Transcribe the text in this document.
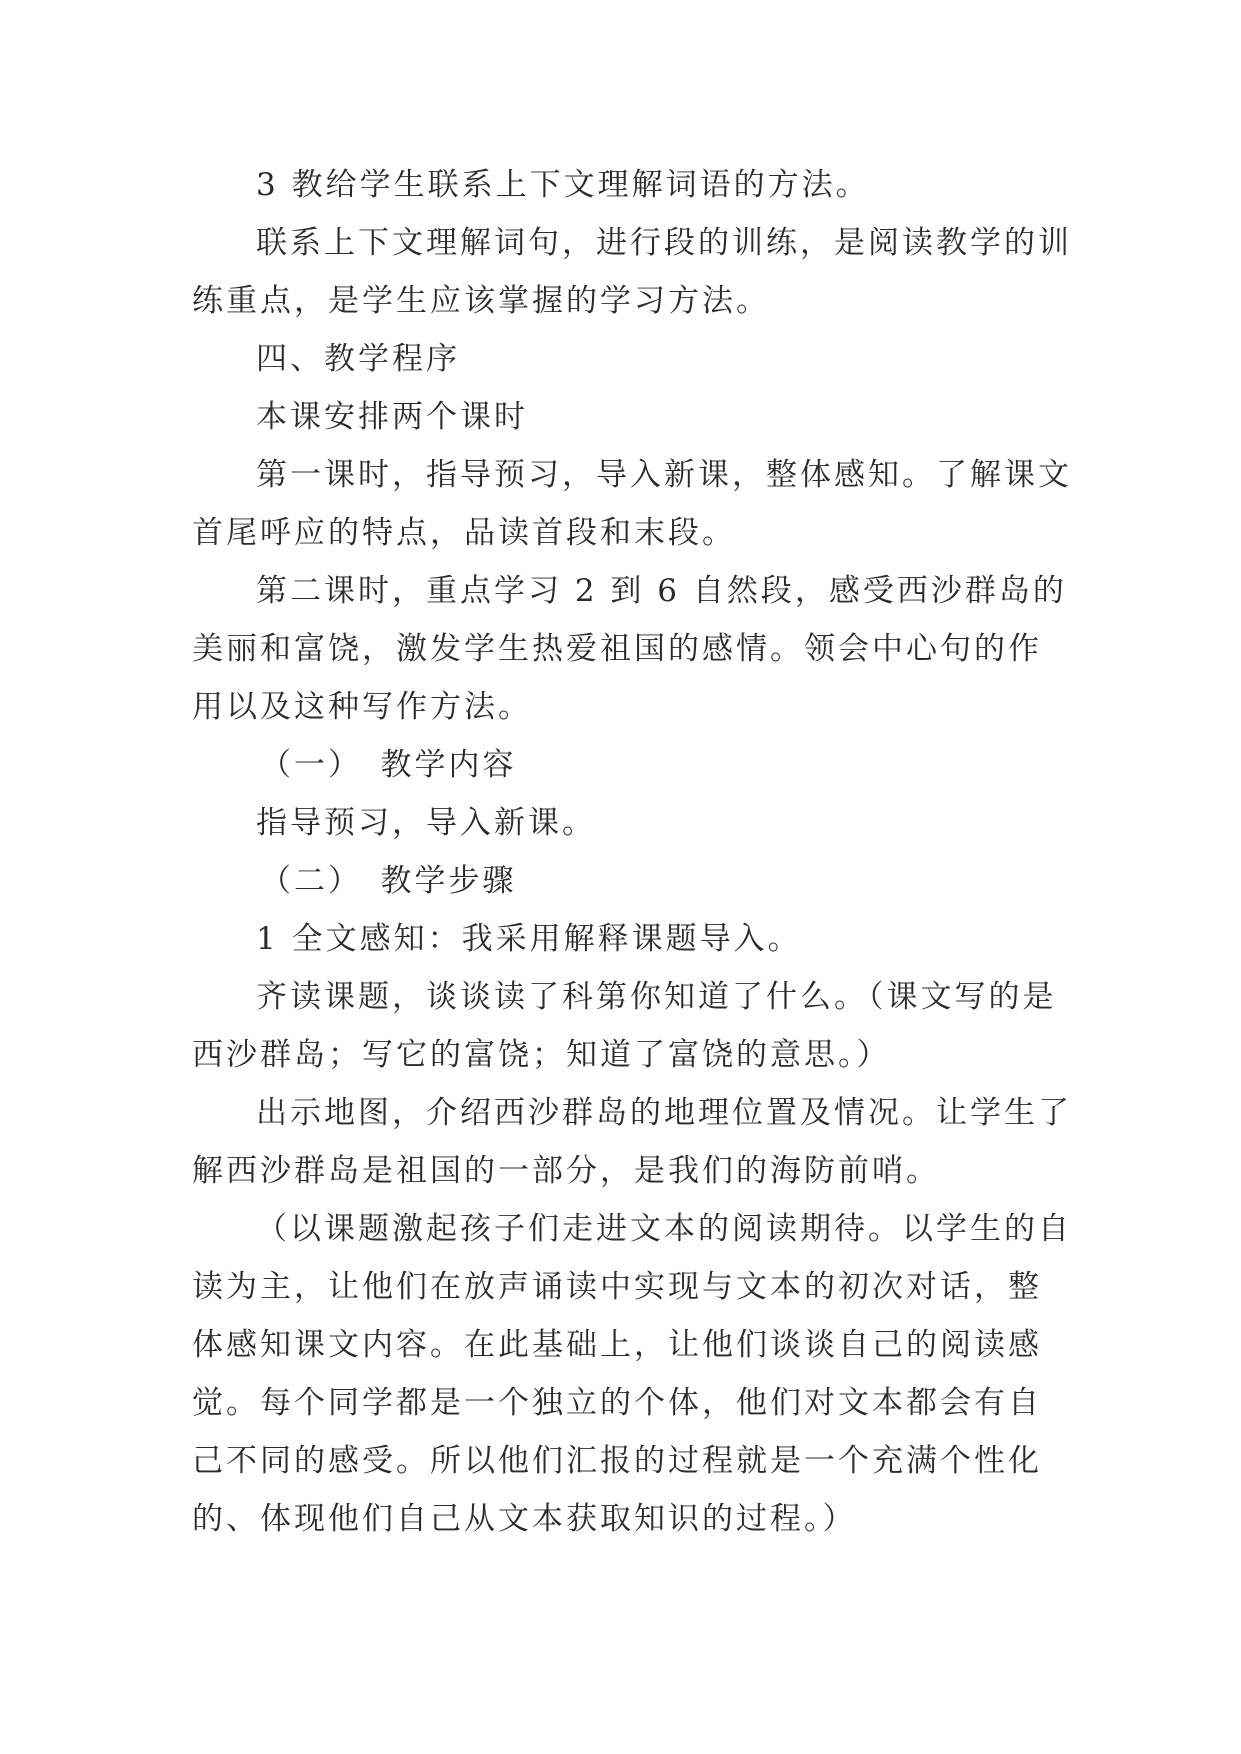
3 教给学生联系上下文理解词语的方法。

联系上下文理解词句，进行段的训练，是阅读教学的训练重点，是学生应该掌握的学习方法。

四、教学程序

本课安排两个课时

第一课时，指导预习，导入新课，整体感知。了解课文首尾呼应的特点，品读首段和末段。

第二课时，重点学习 2 到 6 自然段，感受西沙群岛的美丽和富饶，激发学生热爱祖国的感情。领会中心句的作用以及这种写作方法。

（一）　教学内容

指导预习，导入新课。

（二）　教学步骤

1 全文感知：我采用解释课题导入。

齐读课题，谈谈读了科第你知道了什么。（课文写的是西沙群岛；写它的富饶；知道了富饶的意思。）

出示地图，介绍西沙群岛的地理位置及情况。让学生了解西沙群岛是祖国的一部分，是我们的海防前哨。

（以课题激起孩子们走进文本的阅读期待。以学生的自读为主，让他们在放声诵读中实现与文本的初次对话，整体感知课文内容。在此基础上，让他们谈谈自己的阅读感觉。每个同学都是一个独立的个体，他们对文本都会有自己不同的感受。所以他们汇报的过程就是一个充满个性化的、体现他们自己从文本获取知识的过程。）
